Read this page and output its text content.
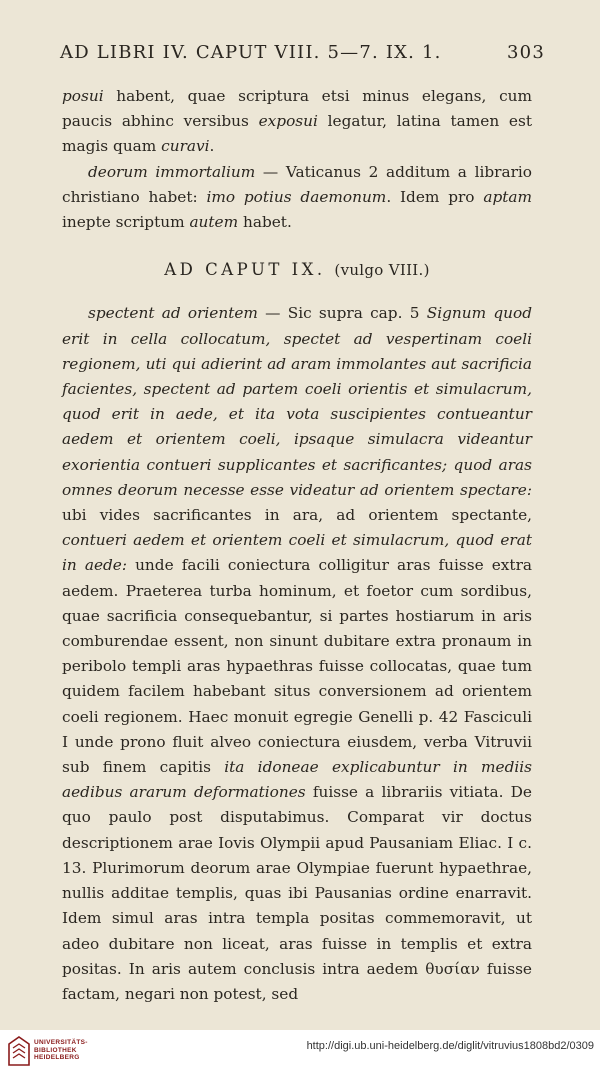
AD LIBRI IV. CAPUT VIII. 5—7. IX. 1.	303

posui habent, quae scriptura etsi minus elegans, cum paucis abhinc versibus exposui legatur, latina tamen est magis quam curavi.

deorum immortalium — Vaticanus 2 additum a librario christiano habet: imo potius daemonum. Idem pro aptam inepte scriptum autem habet.

AD CAPUT IX. (vulgo VIII.)

spectent ad orientem — Sic supra cap. 5 Signum quod erit in cella collocatum, spectet ad vespertinam coeli regionem, uti qui adierint ad aram immolantes aut sacrificia facientes, spectent ad partem coeli orientis et simulacrum, quod erit in aede, et ita vota suscipientes contueantur aedem et orientem coeli, ipsaque simulacra videantur exorientia contueri supplicantes et sacrificantes; quod aras omnes deorum necesse esse videatur ad orientem spectare: ubi vides sacrificantes in ara, ad orientem spectante, contueri aedem et orientem coeli et simulacrum, quod erat in aede: unde facili coniectura colligitur aras fuisse extra aedem. Praeterea turba hominum, et foetor cum sordibus, quae sacrificia consequebantur, si partes hostiarum in aris comburendae essent, non sinunt dubitare extra pronaum in peribolo templi aras hypaethras fuisse collocatas, quae tum quidem facilem habebant situs conversionem ad orientem coeli regionem. Haec monuit egregie Genelli p. 42 Fasciculi I unde prono fluit alveo coniectura eiusdem, verba Vitruvii sub finem capitis ita idoneae explicabuntur in mediis aedibus ararum deformationes fuisse a librariis vitiata. De quo paulo post disputabimus. Comparat vir doctus descriptionem arae Iovis Olympii apud Pausaniam Eliac. I c. 13. Plurimorum deorum arae Olympiae fuerunt hypaethrae, nullis additae templis, quas ibi Pausanias ordine enarravit. Idem simul aras intra templa positas commemoravit, ut adeo dubitare non liceat, aras fuisse in templis et extra positas. In aris autem conclusis intra aedem θυσίαν fuisse factam, negari non potest, sed

UNIVERSITÄTS-
BIBLIOTHEK
HEIDELBERG
http://digi.ub.uni-heidelberg.de/diglit/vitruvius1808bd2/0309
